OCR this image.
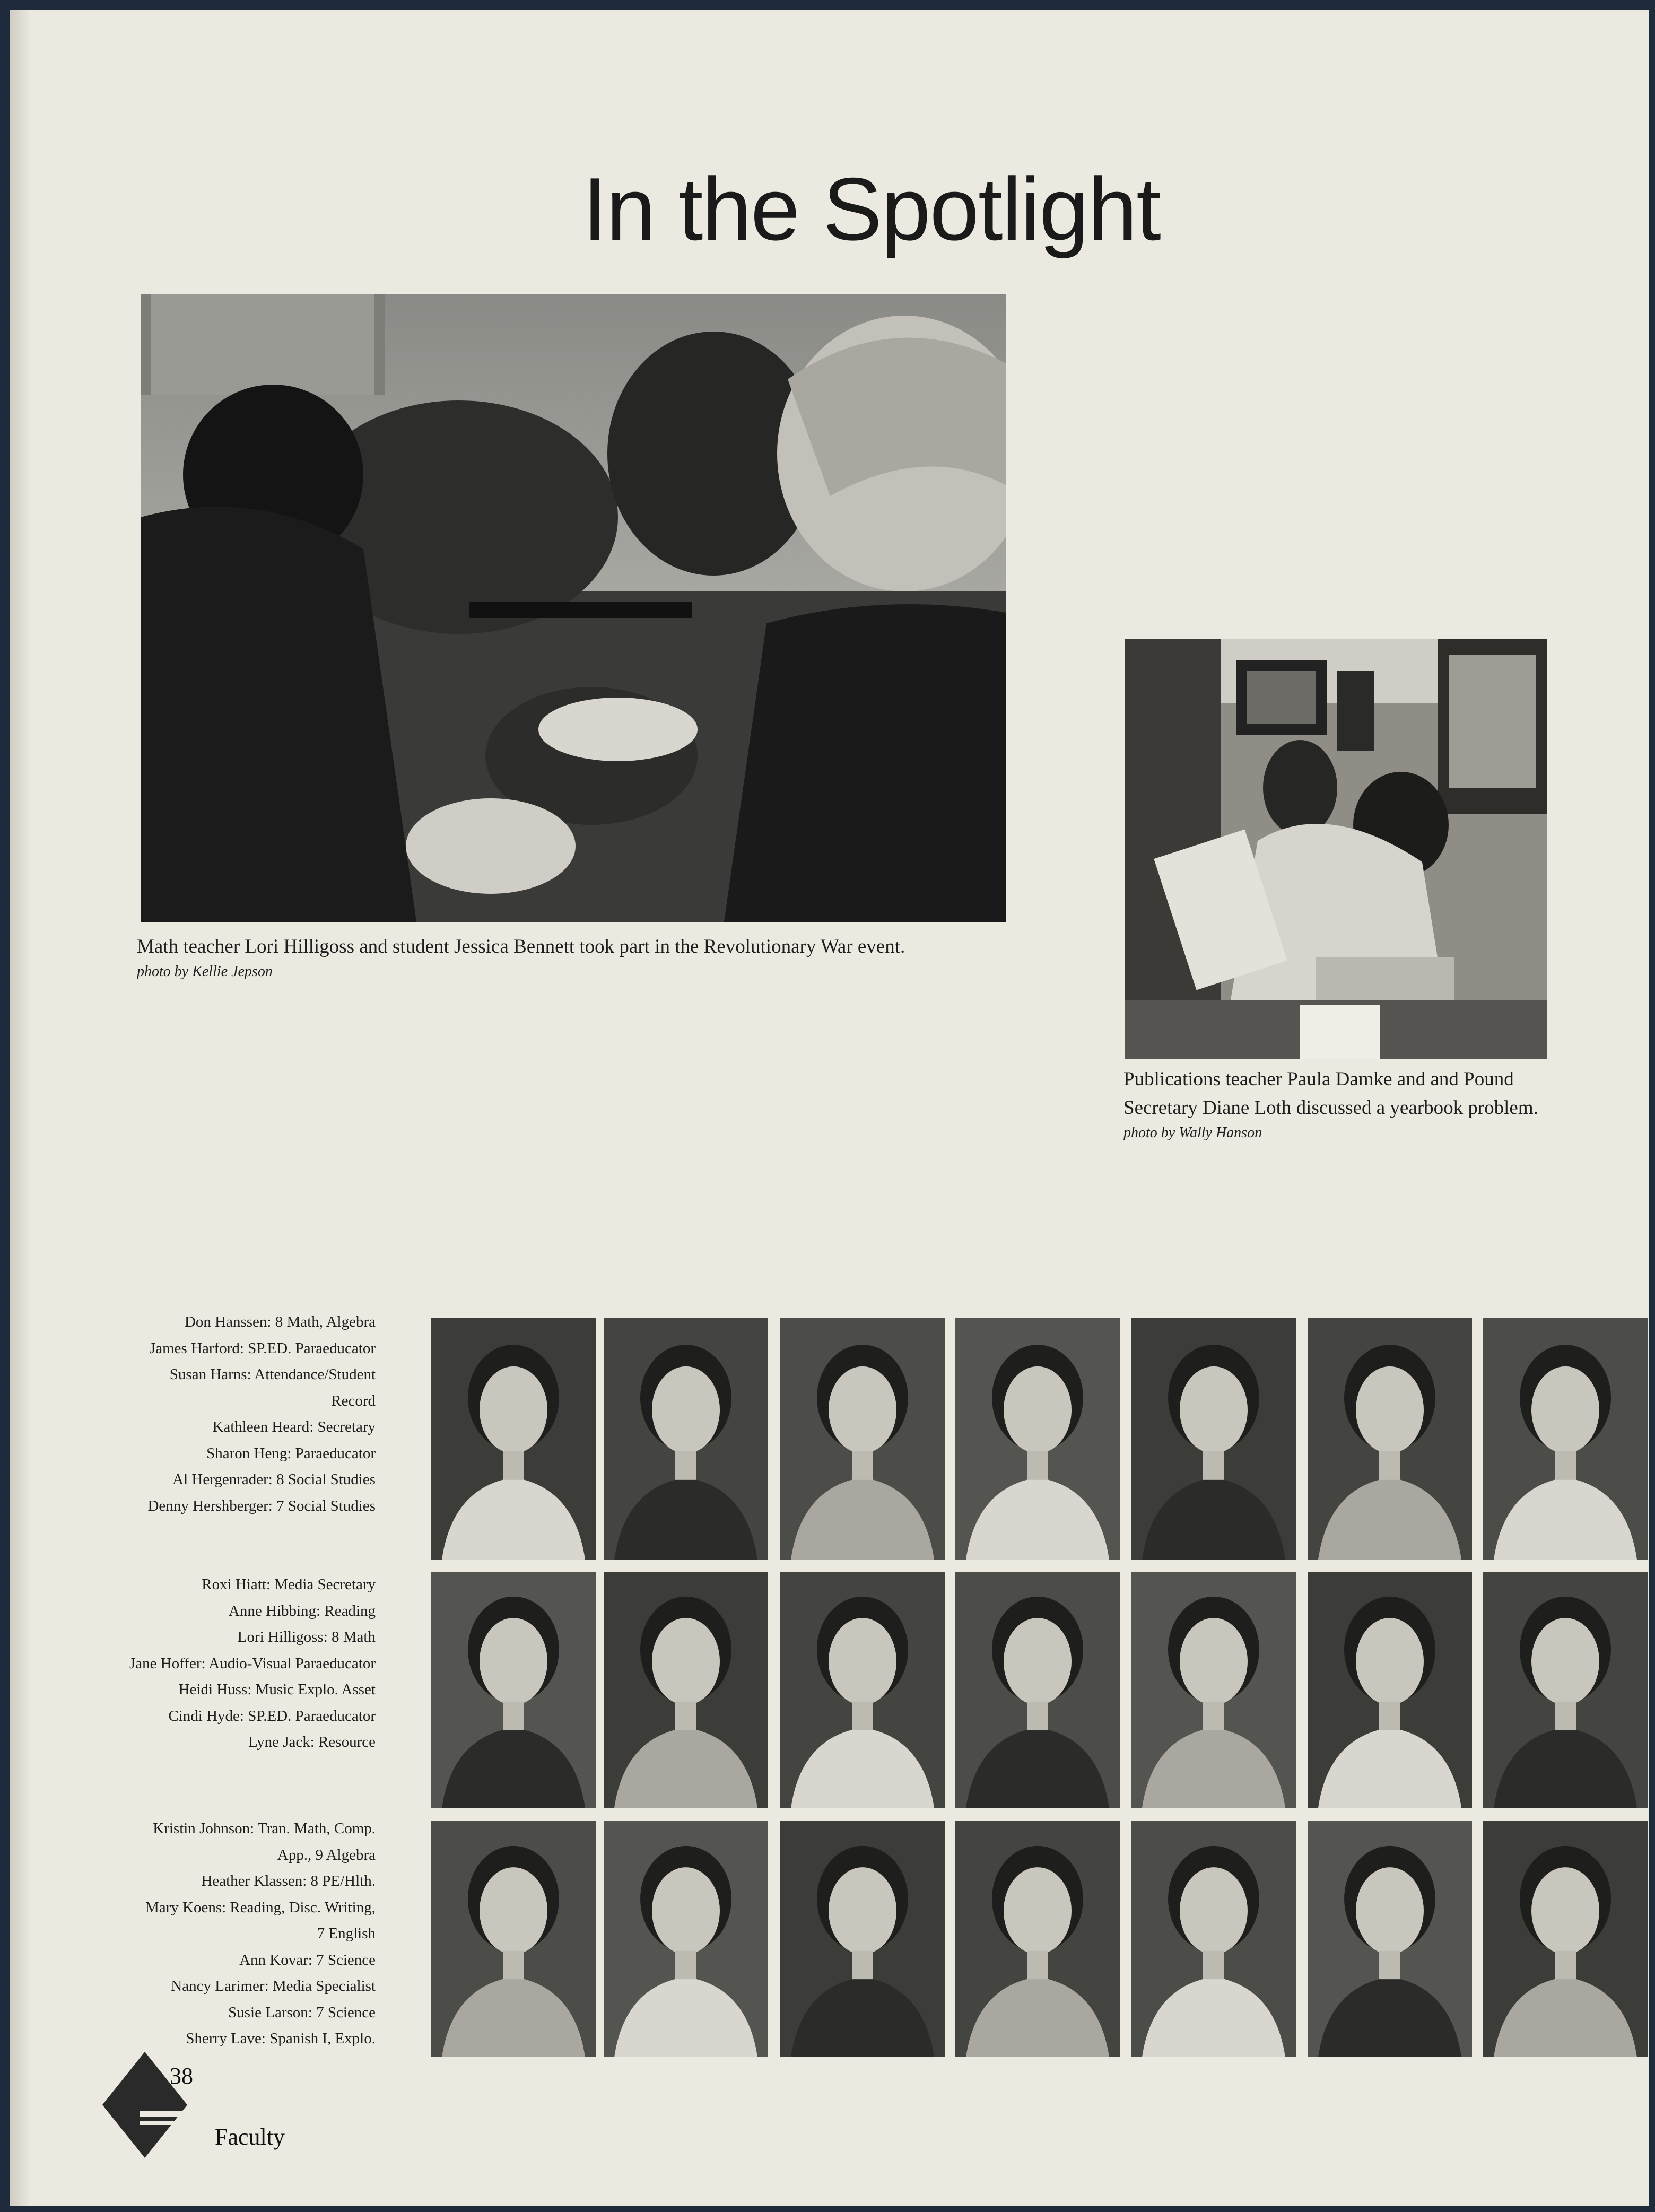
In the Spotlight
Math teacher Lori Hilligoss and student Jessica Bennett took part in the Revolutionary War event.
photo by Kellie Jepson
Publications teacher Paula Damke and and Pound Secretary Diane Loth discussed a yearbook problem.
photo by Wally Hanson
Don Hanssen: 8 Math, Algebra
James Harford: SP.ED. Paraeducator
Susan Harns: Attendance/Student
Record
Kathleen Heard: Secretary
Sharon Heng: Paraeducator
Al Hergenrader: 8 Social Studies
Denny Hershberger: 7 Social Studies
Roxi Hiatt: Media Secretary
Anne Hibbing: Reading
Lori Hilligoss: 8 Math
Jane Hoffer: Audio-Visual Paraeducator
Heidi Huss: Music Explo. Asset
Cindi Hyde: SP.ED. Paraeducator
Lyne Jack: Resource
Kristin Johnson: Tran. Math, Comp.
App., 9 Algebra
Heather Klassen: 8 PE/Hlth.
Mary Koens: Reading, Disc. Writing,
7 English
Ann Kovar: 7 Science
Nancy Larimer: Media Specialist
Susie Larson: 7 Science
Sherry Lave: Spanish I, Explo.
38
Faculty
